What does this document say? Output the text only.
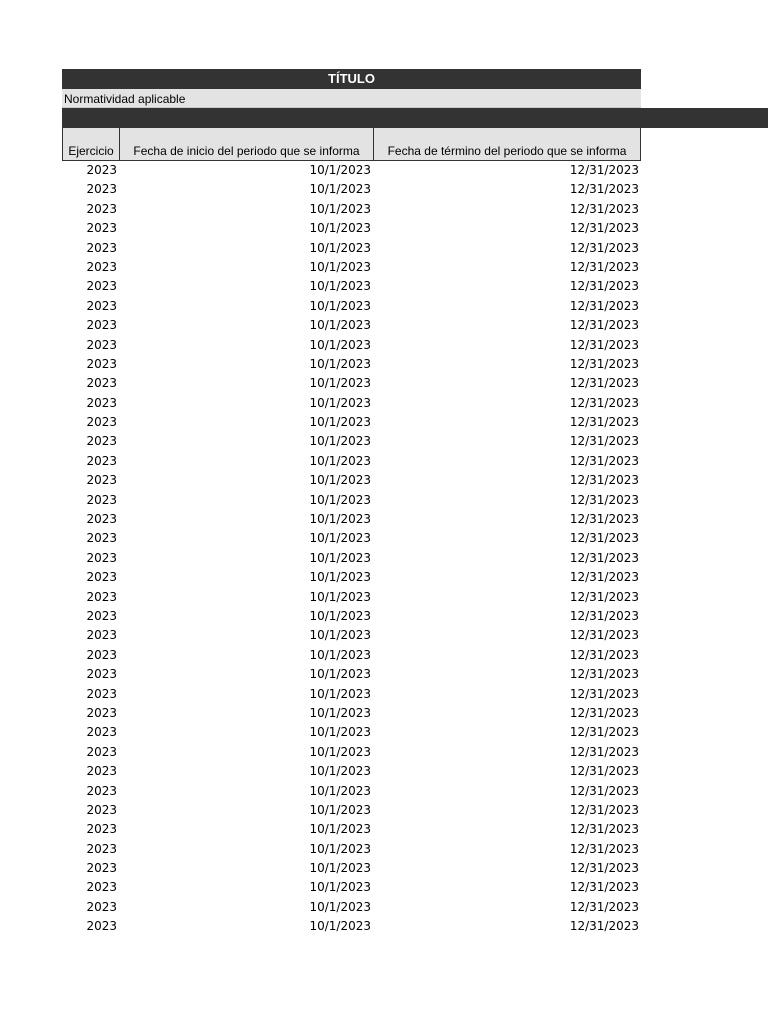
TÍTULO
Normatividad aplicable
Ejercicio	Fecha de inicio del periodo que se informa	Fecha de término del periodo que se informa
2023	10/1/2023	12/31/2023
2023	10/1/2023	12/31/2023
2023	10/1/2023	12/31/2023
2023	10/1/2023	12/31/2023
2023	10/1/2023	12/31/2023
2023	10/1/2023	12/31/2023
2023	10/1/2023	12/31/2023
2023	10/1/2023	12/31/2023
2023	10/1/2023	12/31/2023
2023	10/1/2023	12/31/2023
2023	10/1/2023	12/31/2023
2023	10/1/2023	12/31/2023
2023	10/1/2023	12/31/2023
2023	10/1/2023	12/31/2023
2023	10/1/2023	12/31/2023
2023	10/1/2023	12/31/2023
2023	10/1/2023	12/31/2023
2023	10/1/2023	12/31/2023
2023	10/1/2023	12/31/2023
2023	10/1/2023	12/31/2023
2023	10/1/2023	12/31/2023
2023	10/1/2023	12/31/2023
2023	10/1/2023	12/31/2023
2023	10/1/2023	12/31/2023
2023	10/1/2023	12/31/2023
2023	10/1/2023	12/31/2023
2023	10/1/2023	12/31/2023
2023	10/1/2023	12/31/2023
2023	10/1/2023	12/31/2023
2023	10/1/2023	12/31/2023
2023	10/1/2023	12/31/2023
2023	10/1/2023	12/31/2023
2023	10/1/2023	12/31/2023
2023	10/1/2023	12/31/2023
2023	10/1/2023	12/31/2023
2023	10/1/2023	12/31/2023
2023	10/1/2023	12/31/2023
2023	10/1/2023	12/31/2023
2023	10/1/2023	12/31/2023
2023	10/1/2023	12/31/2023
